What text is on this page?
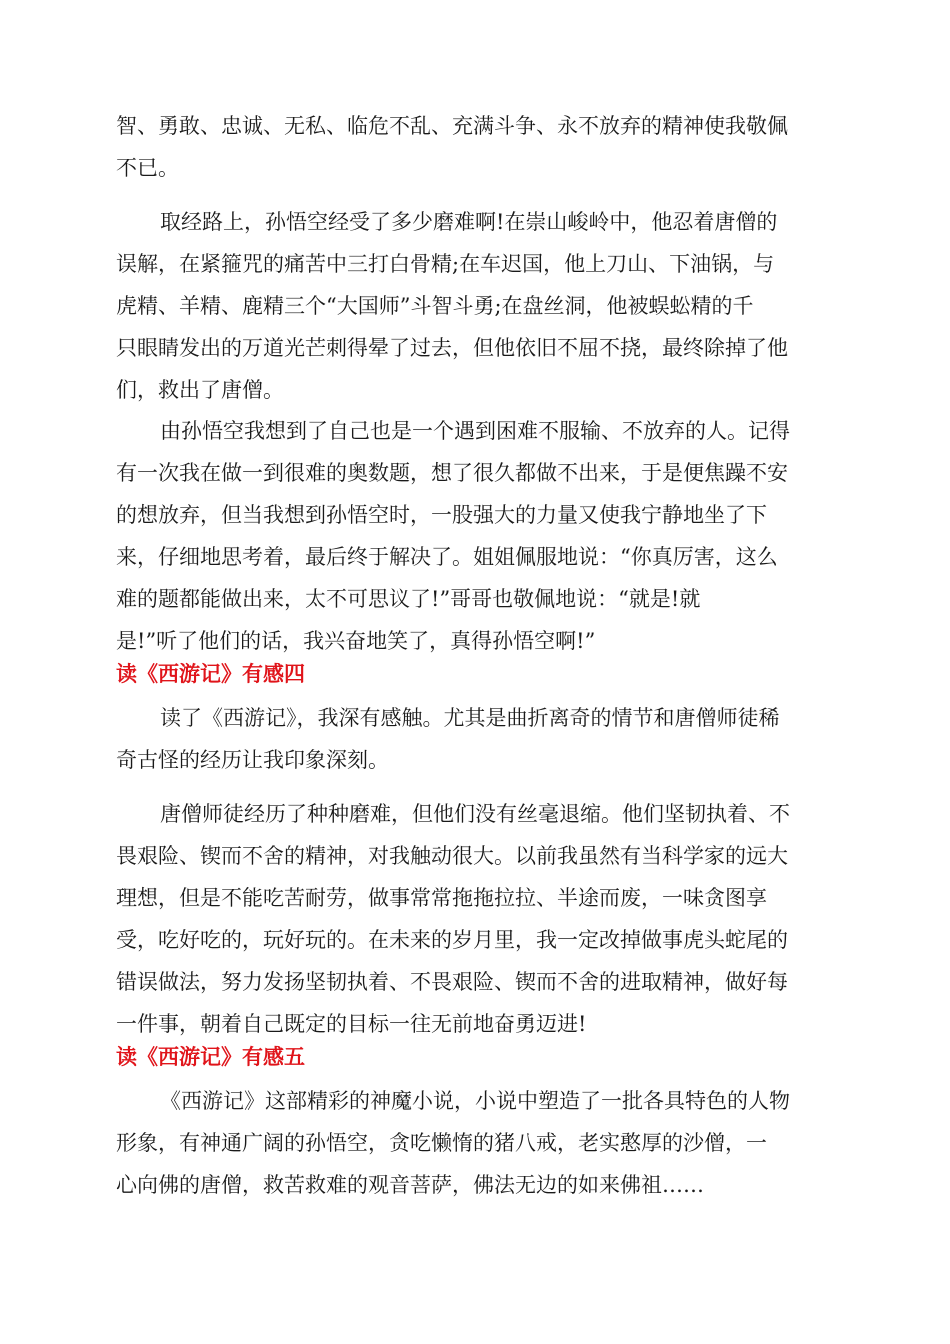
智、勇敢、忠诚、无私、临危不乱、充满斗争、永不放弃的精神使我敬佩
不已。
取经路上，孙悟空经受了多少磨难啊!在崇山峻岭中，他忍着唐僧的
误解，在紧箍咒的痛苦中三打白骨精;在车迟国，他上刀山、下油锅，与
虎精、羊精、鹿精三个“大国师”斗智斗勇;在盘丝洞，他被蜈蚣精的千
只眼睛发出的万道光芒刺得晕了过去，但他依旧不屈不挠，最终除掉了他
们，救出了唐僧。
由孙悟空我想到了自己也是一个遇到困难不服输、不放弃的人。记得
有一次我在做一到很难的奥数题，想了很久都做不出来，于是便焦躁不安
的想放弃，但当我想到孙悟空时，一股强大的力量又使我宁静地坐了下
来，仔细地思考着，最后终于解决了。姐姐佩服地说：“你真厉害，这么
难的题都能做出来，太不可思议了!”哥哥也敬佩地说：“就是!就
是!”听了他们的话，我兴奋地笑了，真得孙悟空啊!”
读《西游记》有感四
读了《西游记》，我深有感触。尤其是曲折离奇的情节和唐僧师徒稀
奇古怪的经历让我印象深刻。
唐僧师徒经历了种种磨难，但他们没有丝毫退缩。他们坚韧执着、不
畏艰险、锲而不舍的精神，对我触动很大。以前我虽然有当科学家的远大
理想，但是不能吃苦耐劳，做事常常拖拖拉拉、半途而废，一味贪图享
受，吃好吃的，玩好玩的。在未来的岁月里，我一定改掉做事虎头蛇尾的
错误做法，努力发扬坚韧执着、不畏艰险、锲而不舍的进取精神，做好每
一件事，朝着自己既定的目标一往无前地奋勇迈进!
读《西游记》有感五
《西游记》这部精彩的神魔小说，小说中塑造了一批各具特色的人物
形象，有神通广阔的孙悟空，贪吃懒惰的猪八戒，老实憨厚的沙僧，一
心向佛的唐僧，救苦救难的观音菩萨，佛法无边的如来佛祖……
